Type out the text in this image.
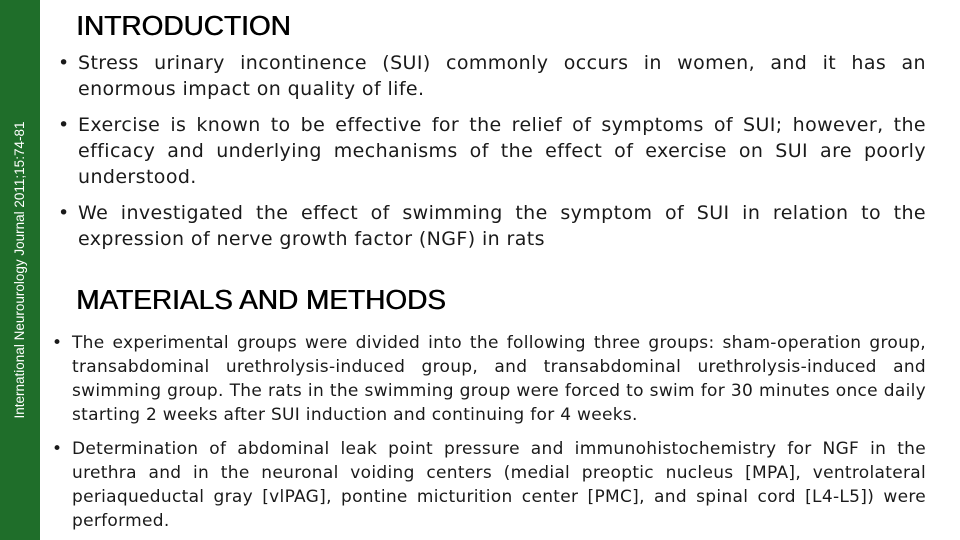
International Neurourology Journal 2011;15:74-81
INTRODUCTION
• Stress urinary incontinence (SUI) commonly occurs in women, and it has an enormous impact on quality of life.
• Exercise is known to be effective for the relief of symptoms of SUI; however, the efficacy and underlying mechanisms of the effect of exercise on SUI are poorly understood.
• We investigated the effect of swimming the symptom of SUI in relation to the expression of nerve growth factor (NGF) in rats
MATERIALS AND METHODS
• The experimental groups were divided into the following three groups: sham-operation group, transabdominal urethrolysis-induced group, and transabdominal urethrolysis-induced and swimming group. The rats in the swimming group were forced to swim for 30 minutes once daily starting 2 weeks after SUI induction and continuing for 4 weeks.
• Determination of abdominal leak point pressure and immunohistochemistry for NGF in the urethra and in the neuronal voiding centers (medial preoptic nucleus [MPA], ventrolateral periaqueductal gray [vlPAG], pontine micturition center [PMC], and spinal cord [L4-L5]) were performed.
